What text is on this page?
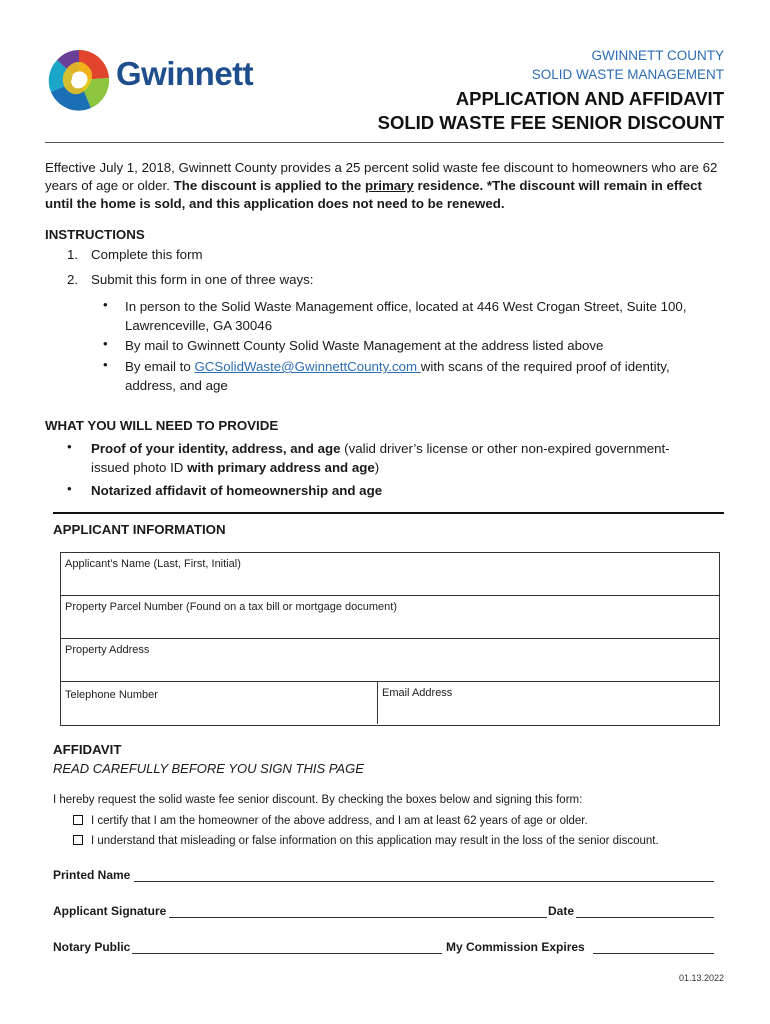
Gwinnett	GWINNETT COUNTY
SOLID WASTE MANAGEMENT
APPLICATION AND AFFIDAVIT
SOLID WASTE FEE SENIOR DISCOUNT
Effective July 1, 2018, Gwinnett County provides a 25 percent solid waste fee discount to homeowners who are 62 years of age or older. The discount is applied to the primary residence. *The discount will remain in effect until the home is sold, and this application does not need to be renewed.
INSTRUCTIONS
1. Complete this form
2. Submit this form in one of three ways:
• In person to the Solid Waste Management office, located at 446 West Crogan Street, Suite 100, Lawrenceville, GA 30046
• By mail to Gwinnett County Solid Waste Management at the address listed above
• By email to GCSolidWaste@GwinnettCounty.com with scans of the required proof of identity, address, and age
WHAT YOU WILL NEED TO PROVIDE
• Proof of your identity, address, and age (valid driver’s license or other non-expired government-issued photo ID with primary address and age)
• Notarized affidavit of homeownership and age
APPLICANT INFORMATION
Applicant’s Name (Last, First, Initial)
Property Parcel Number (Found on a tax bill or mortgage document)
Property Address
Telephone Number	Email Address
AFFIDAVIT
READ CAREFULLY BEFORE YOU SIGN THIS PAGE
I hereby request the solid waste fee senior discount. By checking the boxes below and signing this form:
I certify that I am the homeowner of the above address, and I am at least 62 years of age or older.
I understand that misleading or false information on this application may result in the loss of the senior discount.
Printed Name
Applicant Signature	Date
Notary Public	My Commission Expires
01.13.2022
